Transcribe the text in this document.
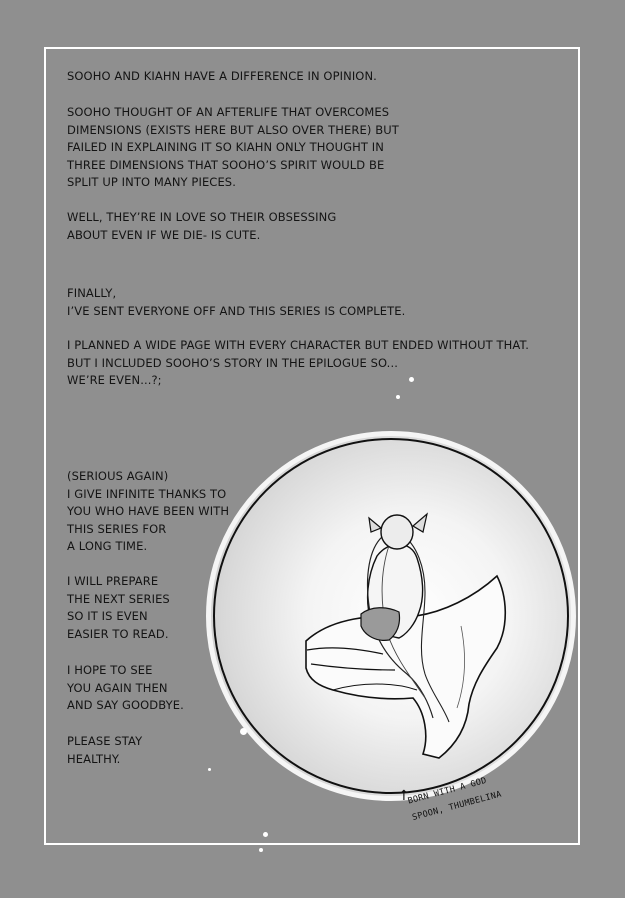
SOOHO AND KIAHN HAVE A DIFFERENCE IN OPINION.

SOOHO THOUGHT OF AN AFTERLIFE THAT OVERCOMES
DIMENSIONS (EXISTS HERE BUT ALSO OVER THERE) BUT
FAILED IN EXPLAINING IT SO KIAHN ONLY THOUGHT IN
THREE DIMENSIONS THAT SOOHO’S SPIRIT WOULD BE
SPLIT UP INTO MANY PIECES.

WELL, THEY’RE IN LOVE SO THEIR OBSESSING
ABOUT EVEN IF WE DIE- IS CUTE.

FINALLY,
I’VE SENT EVERYONE OFF AND THIS SERIES IS COMPLETE.

I PLANNED A WIDE PAGE WITH EVERY CHARACTER BUT ENDED WITHOUT THAT.
BUT I INCLUDED SOOHO’S STORY IN THE EPILOGUE SO...
WE’RE EVEN...?;

(SERIOUS AGAIN)
I GIVE INFINITE THANKS TO
YOU WHO HAVE BEEN WITH
THIS SERIES FOR
A LONG TIME.

I WILL PREPARE
THE NEXT SERIES
SO IT IS EVEN
EASIER TO READ.

I HOPE TO SEE
YOU AGAIN THEN
AND SAY GOODBYE.

PLEASE STAY
HEALTHY.

↑
BORN WITH A GOD
SPOON, THUMBELINA
